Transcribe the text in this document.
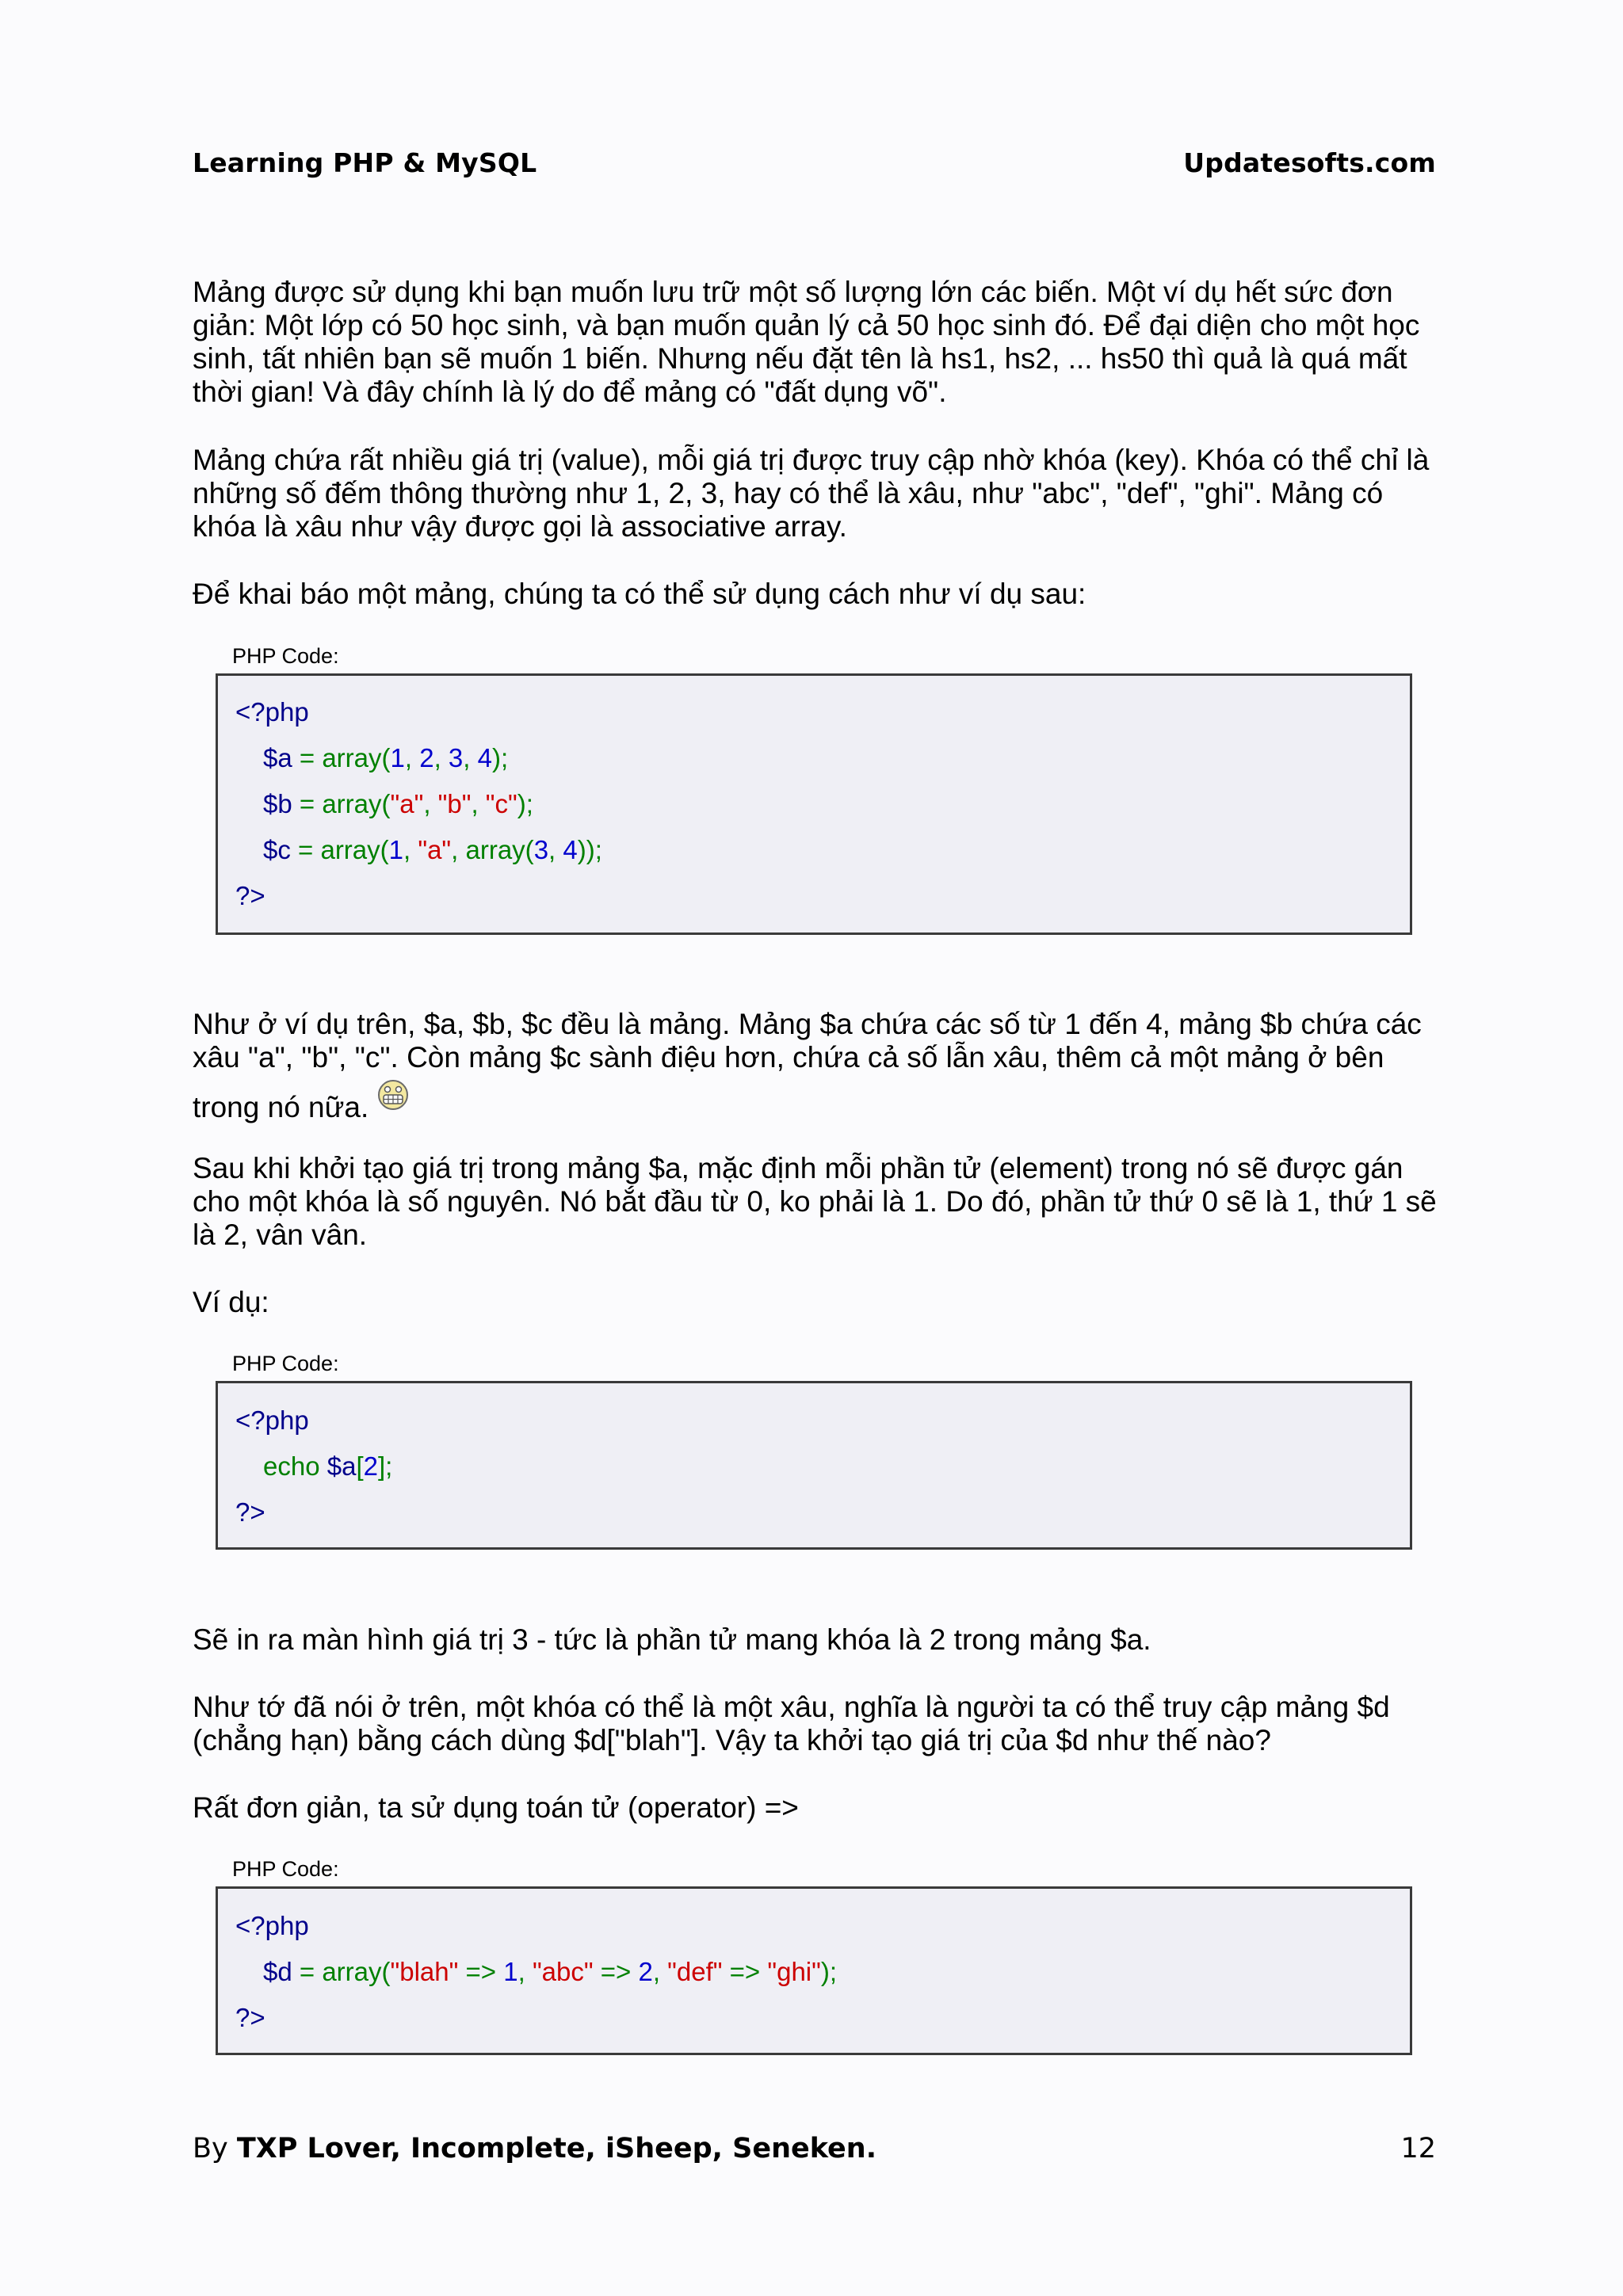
Learning PHP & MySQL	Updatesofts.com
Mảng được sử dụng khi bạn muốn lưu trữ một số lượng lớn các biến. Một ví dụ hết sức đơn
giản: Một lớp có 50 học sinh, và bạn muốn quản lý cả 50 học sinh đó. Để đại diện cho một học
sinh, tất nhiên bạn sẽ muốn 1 biến. Nhưng nếu đặt tên là hs1, hs2, ... hs50 thì quả là quá mất
thời gian! Và đây chính là lý do để mảng có "đất dụng võ".
Mảng chứa rất nhiều giá trị (value), mỗi giá trị được truy cập nhờ khóa (key). Khóa có thể chỉ là
những số đếm thông thường như 1, 2, 3, hay có thể là xâu, như "abc", "def", "ghi". Mảng có
khóa là xâu như vậy được gọi là associative array.
Để khai báo một mảng, chúng ta có thể sử dụng cách như ví dụ sau:
PHP Code:
<?php
$a = array(1, 2, 3, 4);
$b = array("a", "b", "c");
$c = array(1, "a", array(3, 4));
?>
Như ở ví dụ trên, $a, $b, $c đều là mảng. Mảng $a chứa các số từ 1 đến 4, mảng $b chứa các
xâu "a", "b", "c". Còn mảng $c sành điệu hơn, chứa cả số lẫn xâu, thêm cả một mảng ở bên
trong nó nữa.
Sau khi khởi tạo giá trị trong mảng $a, mặc định mỗi phần tử (element) trong nó sẽ được gán
cho một khóa là số nguyên. Nó bắt đầu từ 0, ko phải là 1. Do đó, phần tử thứ 0 sẽ là 1, thứ 1 sẽ
là 2, vân vân.
Ví dụ:
PHP Code:
<?php
echo $a[2];
?>
Sẽ in ra màn hình giá trị 3 - tức là phần tử mang khóa là 2 trong mảng $a.
Như tớ đã nói ở trên, một khóa có thể là một xâu, nghĩa là người ta có thể truy cập mảng $d
(chẳng hạn) bằng cách dùng $d["blah"]. Vậy ta khởi tạo giá trị của $d như thế nào?
Rất đơn giản, ta sử dụng toán tử (operator) =>
PHP Code:
<?php
$d = array("blah" => 1, "abc" => 2, "def" => "ghi");
?>
By TXP Lover, Incomplete, iSheep, Seneken.	12
